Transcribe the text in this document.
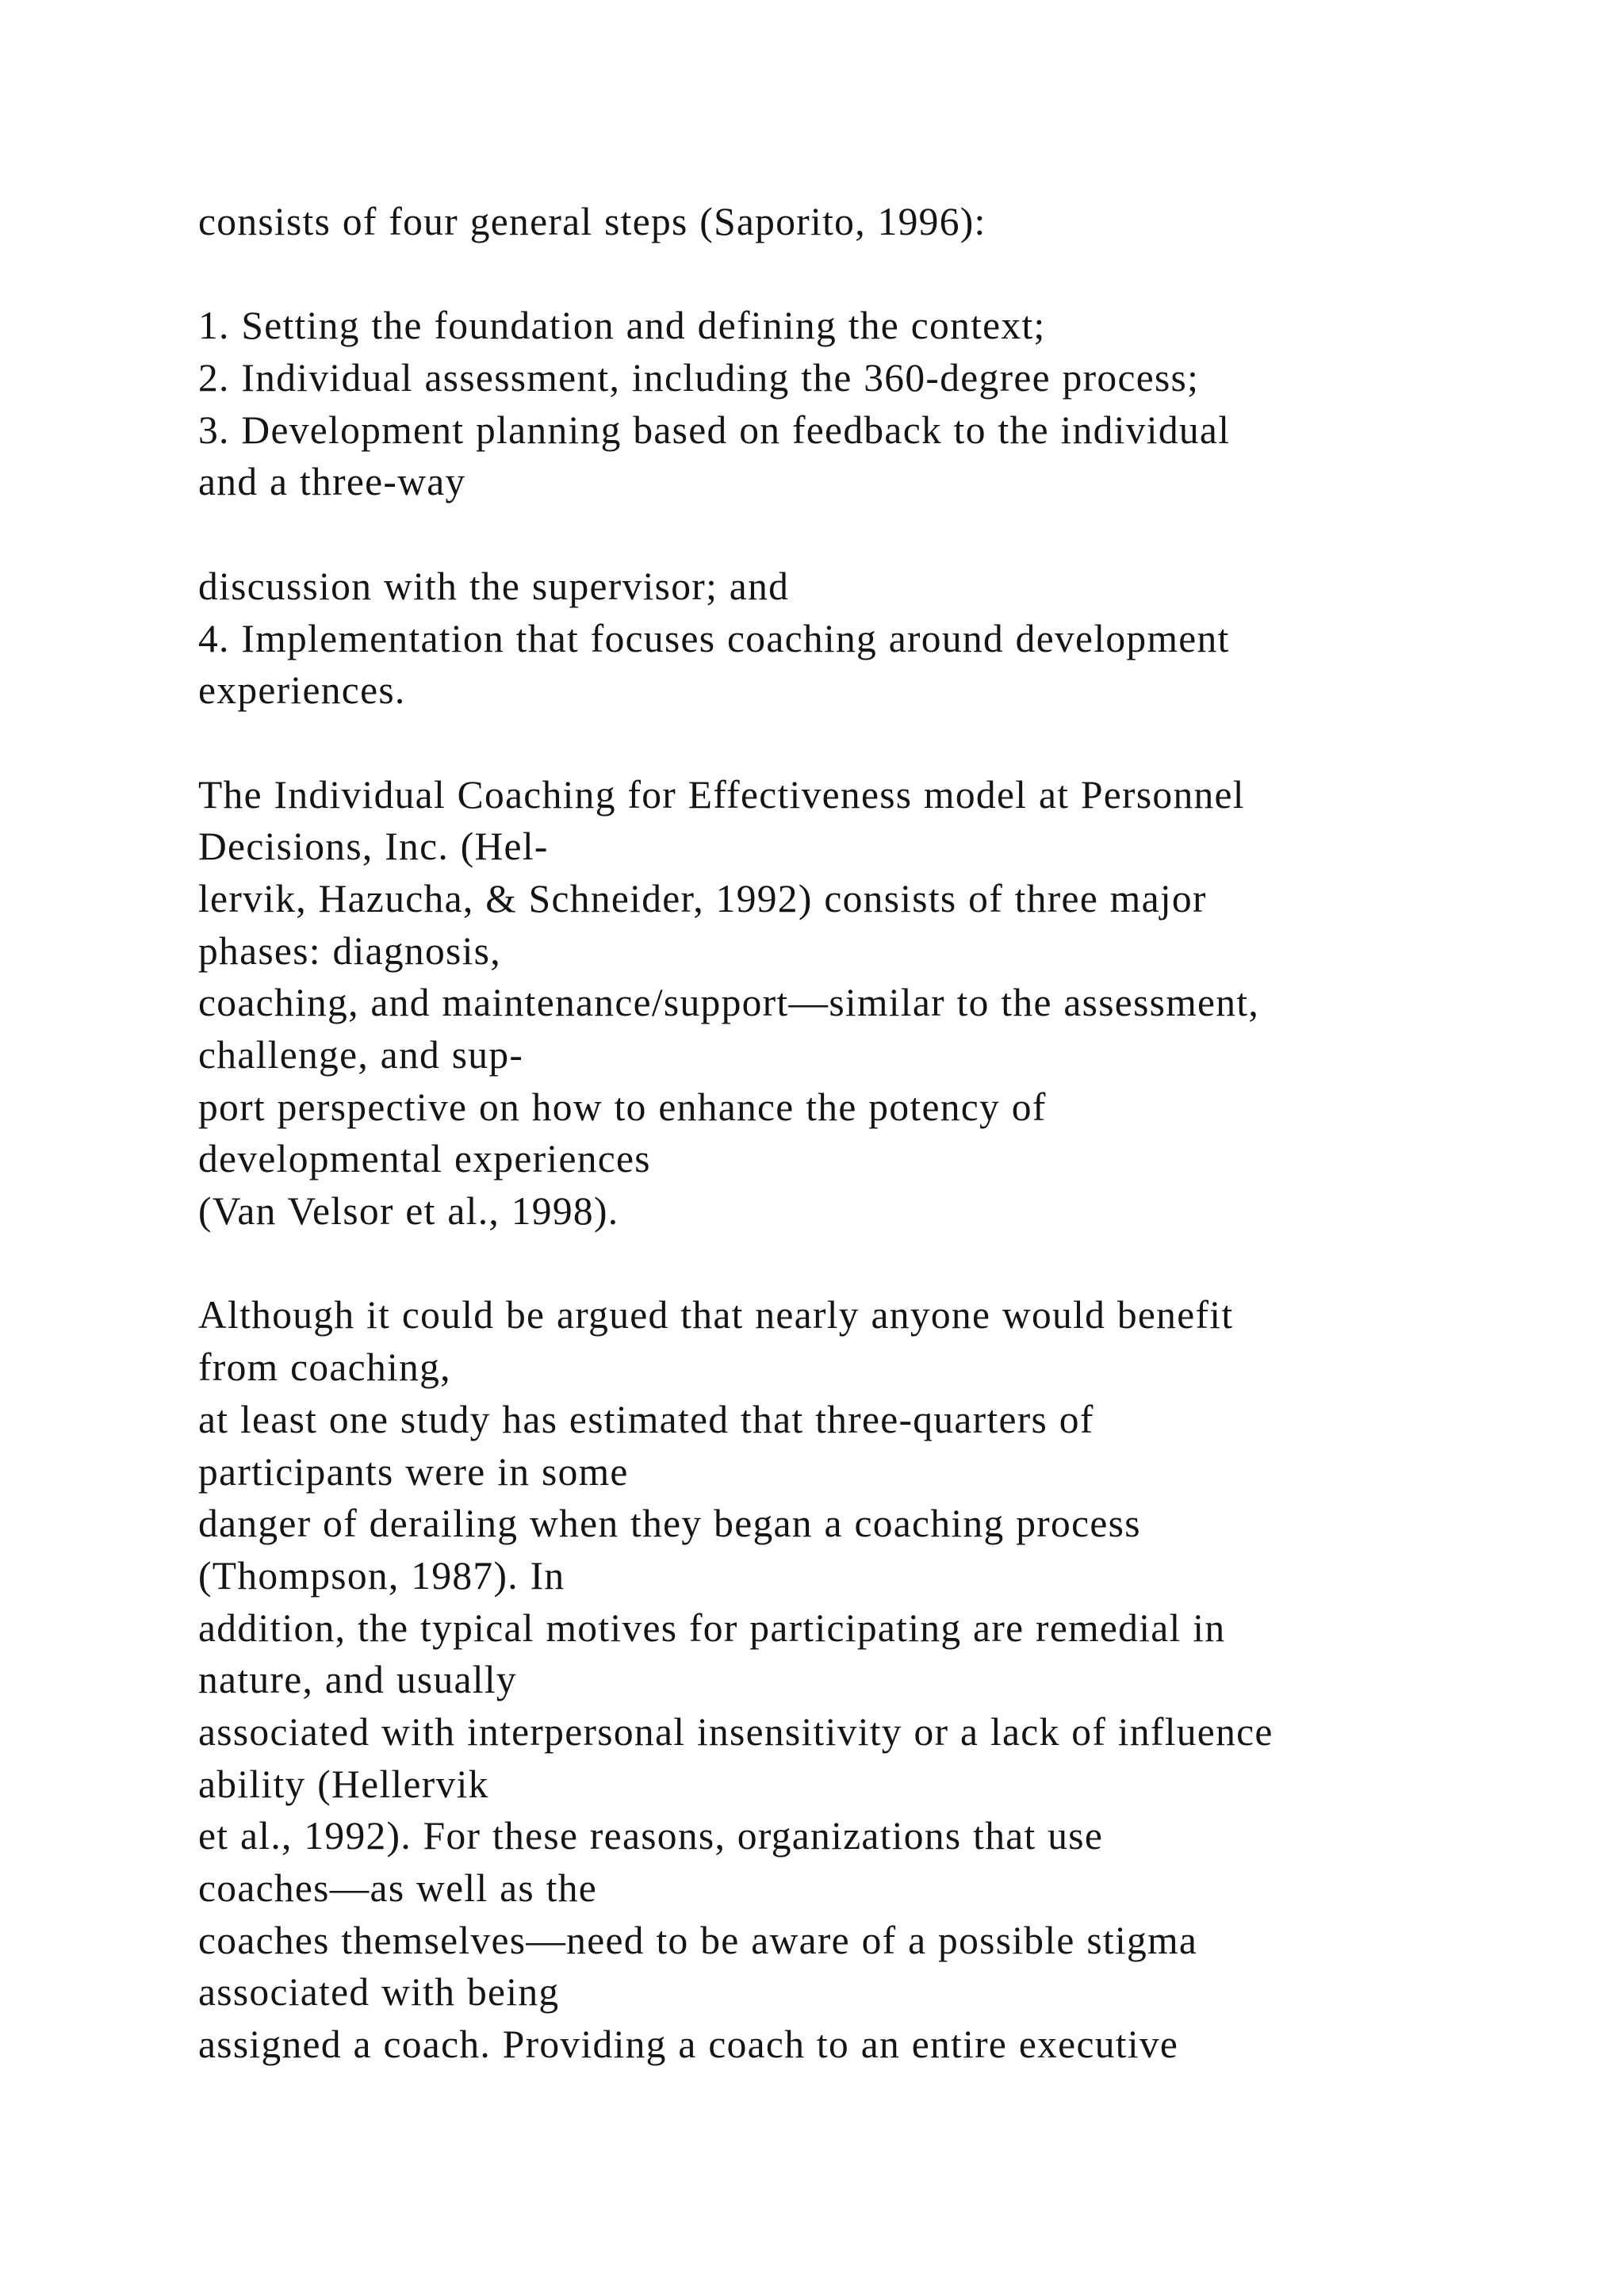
consists of four general steps (Saporito, 1996):
1. Setting the foundation and defining the context;
2. Individual assessment, including the 360-degree process;
3. Development planning based on feedback to the individual
and a three-way
discussion with the supervisor; and
4. Implementation that focuses coaching around development
experiences.
The Individual Coaching for Effectiveness model at Personnel
Decisions, Inc. (Hel-
lervik, Hazucha, & Schneider, 1992) consists of three major
phases: diagnosis,
coaching, and maintenance/support—similar to the assessment,
challenge, and sup-
port perspective on how to enhance the potency of
developmental experiences
(Van Velsor et al., 1998).
Although it could be argued that nearly anyone would benefit
from coaching,
at least one study has estimated that three-quarters of
participants were in some
danger of derailing when they began a coaching process
(Thompson, 1987). In
addition, the typical motives for participating are remedial in
nature, and usually
associated with interpersonal insensitivity or a lack of influence
ability (Hellervik
et al., 1992). For these reasons, organizations that use
coaches—as well as the
coaches themselves—need to be aware of a possible stigma
associated with being
assigned a coach. Providing a coach to an entire executive
